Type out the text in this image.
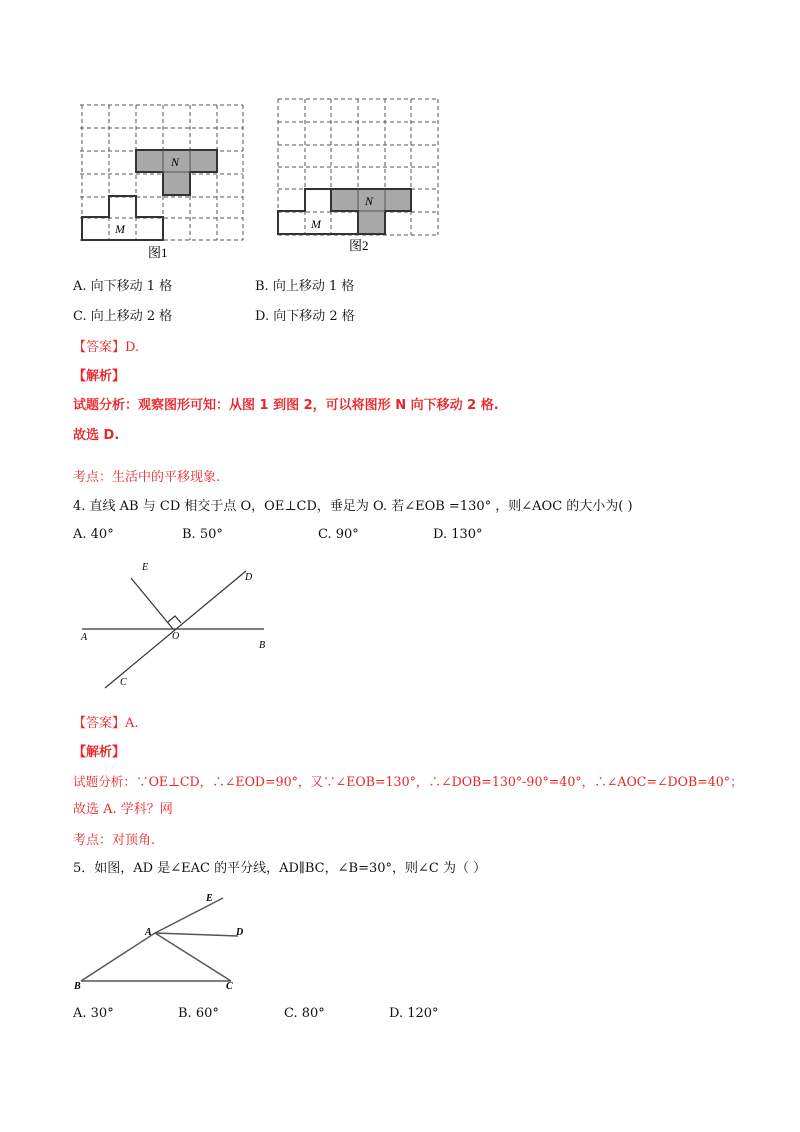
N
M
图1
N
M
图2
A. 向下移动 1 格	B. 向上移动 1 格
C. 向上移动 2 格	D. 向下移动 2 格
【答案】D.
【解析】
试题分析：观察图形可知：从图 1 到图 2，可以将图形 N 向下移动 2 格.
故选 D.
考点：生活中的平移现象.
4. 直线 AB 与 CD 相交于点 O，OE⊥CD，垂足为 O. 若∠EOB =130° ，则∠AOC 的大小为( )
A. 40°	B. 50°	C. 90°	D. 130°
E
D
A	O
B
C
【答案】A.
【解析】
试题分析：∵OE⊥CD，∴∠EOD=90°，又∵∠EOB=130°，∴∠DOB=130°-90°=40°，∴∠AOC=∠DOB=40°；
故选 A. 学科？网
考点：对顶角.
5．如图，AD 是∠EAC 的平分线，AD∥BC，∠B=30°，则∠C 为（ ）
E
A	D
B	C
A. 30°	B. 60°	C. 80°	D. 120°
